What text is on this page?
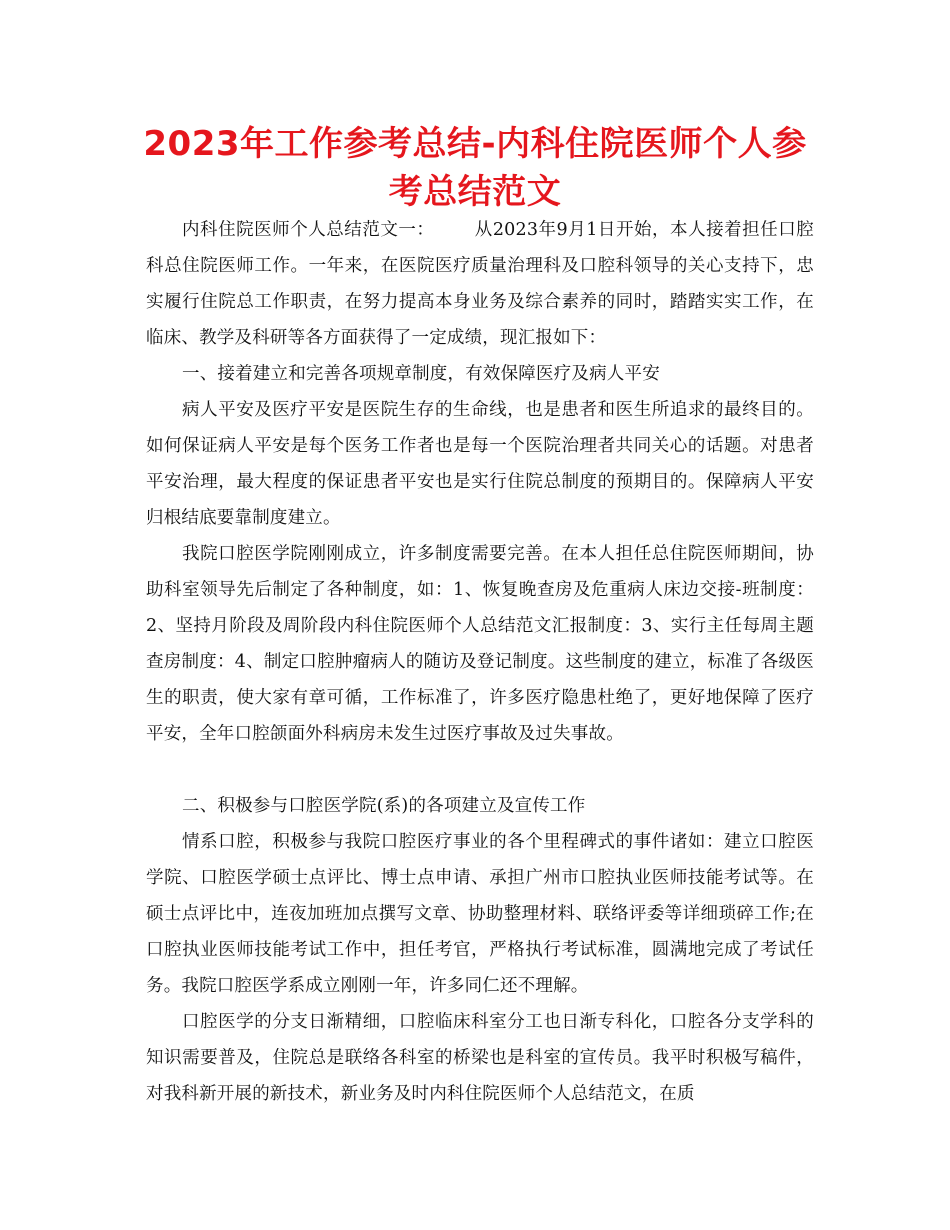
2023年工作参考总结-内科住院医师个人参考总结范文

内科住院医师个人总结范文一： 从2023年9月1日开始，本人接着担任口腔科总住院医师工作。一年来，在医院医疗质量治理科及口腔科领导的关心支持下，忠实履行住院总工作职责，在努力提高本身业务及综合素养的同时，踏踏实实工作，在临床、教学及科研等各方面获得了一定成绩，现汇报如下：

一、接着建立和完善各项规章制度，有效保障医疗及病人平安

病人平安及医疗平安是医院生存的生命线，也是患者和医生所追求的最终目的。如何保证病人平安是每个医务工作者也是每一个医院治理者共同关心的话题。对患者平安治理，最大程度的保证患者平安也是实行住院总制度的预期目的。保障病人平安归根结底要靠制度建立。

我院口腔医学院刚刚成立，许多制度需要完善。在本人担任总住院医师期间，协助科室领导先后制定了各种制度，如：1、恢复晚查房及危重病人床边交接-班制度：2、坚持月阶段及周阶段内科住院医师个人总结范文汇报制度：3、实行主任每周主题查房制度：4、制定口腔肿瘤病人的随访及登记制度。这些制度的建立，标准了各级医生的职责，使大家有章可循，工作标准了，许多医疗隐患杜绝了，更好地保障了医疗平安，全年口腔颌面外科病房未发生过医疗事故及过失事故。

二、积极参与口腔医学院(系)的各项建立及宣传工作

情系口腔，积极参与我院口腔医疗事业的各个里程碑式的事件诸如：建立口腔医学院、口腔医学硕士点评比、博士点申请、承担广州市口腔执业医师技能考试等。在硕士点评比中，连夜加班加点撰写文章、协助整理材料、联络评委等详细琐碎工作;在口腔执业医师技能考试工作中，担任考官，严格执行考试标准，圆满地完成了考试任务。我院口腔医学系成立刚刚一年，许多同仁还不理解。

口腔医学的分支日渐精细，口腔临床科室分工也日渐专科化，口腔各分支学科的知识需要普及，住院总是联络各科室的桥梁也是科室的宣传员。我平时积极写稿件，对我科新开展的新技术，新业务及时内科住院医师个人总结范文，在质
